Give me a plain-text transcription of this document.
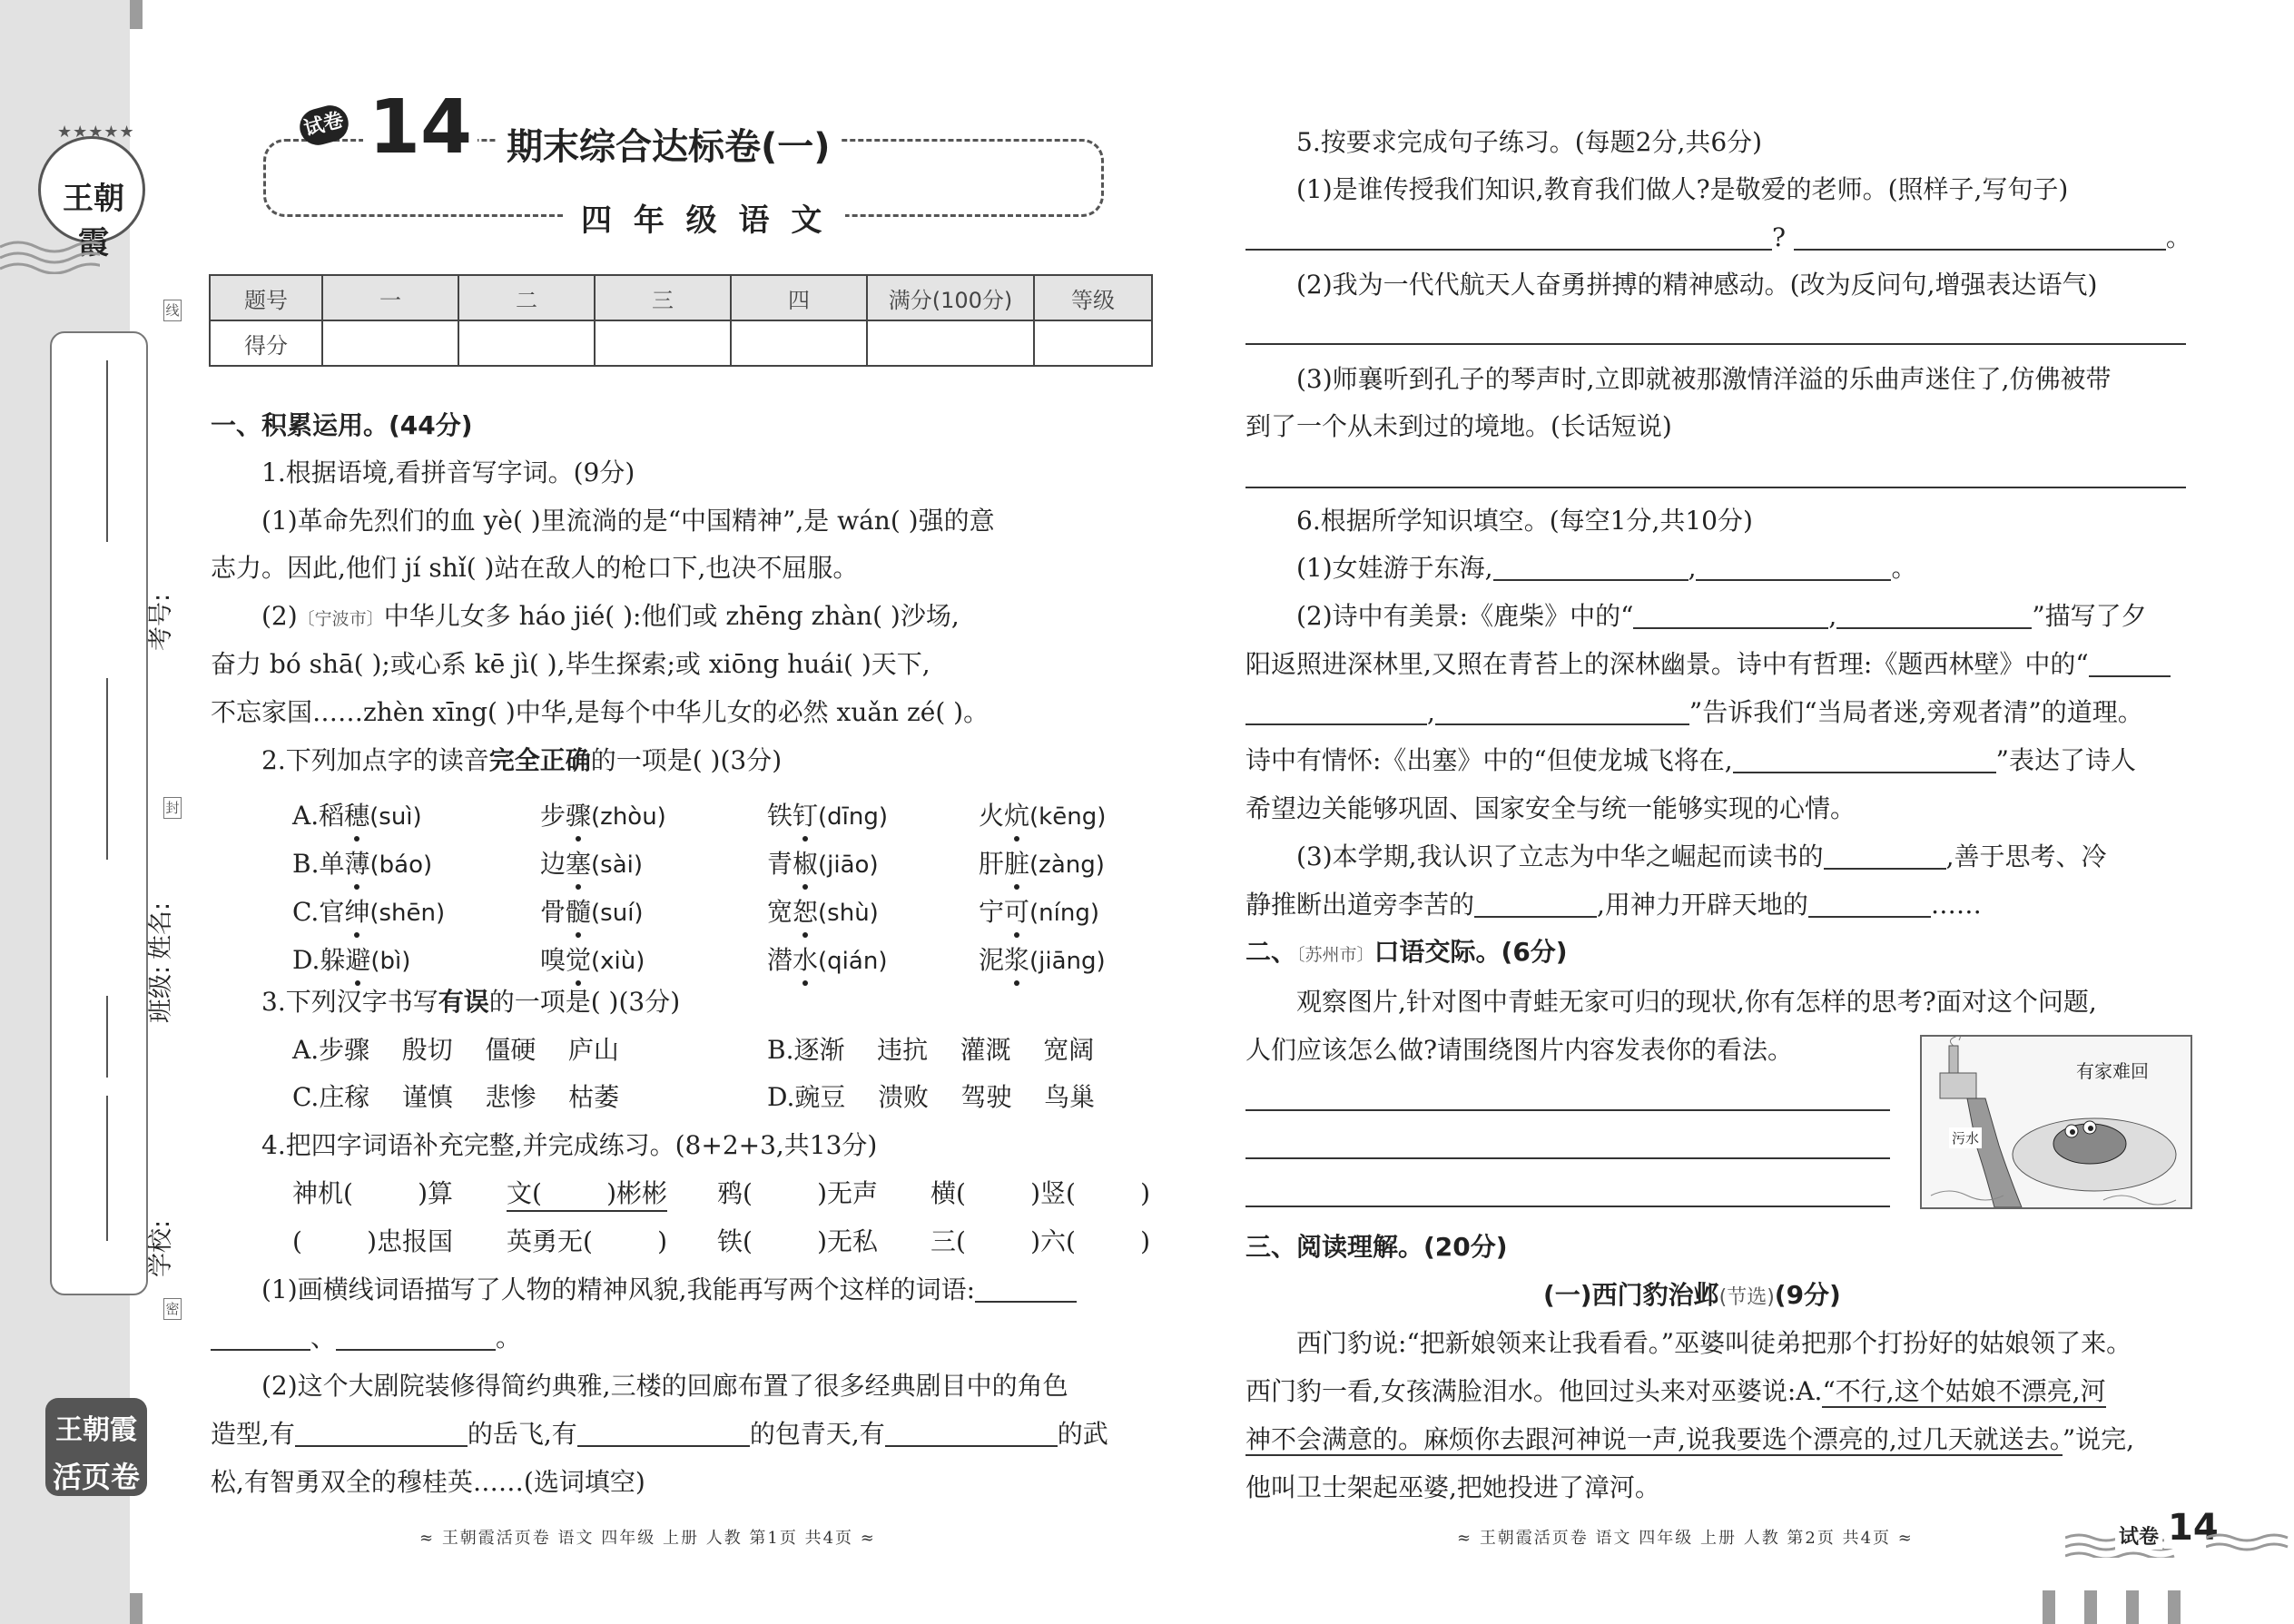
★★★★★
王朝霞
线
封
密
考号:
姓名:
班级:
学校:
王朝霞
活页卷
试卷 14 期末综合达标卷(一)
四 年 级 语 文
题号	一	二	三	四	满分(100分)	等级
得分						
一、积累运用。(44分)
1.根据语境,看拼音写字词。(9分)
(1)革命先烈们的血 yè( )里流淌的是“中国精神”,是 wán( )强的意
志力。因此,他们 jí shǐ( )站在敌人的枪口下,也决不屈服。
(2)〔宁波市〕中华儿女多 háo jié( ):他们或 zhēng zhàn( )沙场,
奋力 bó shā( );或心系 kē jì( ),毕生探索;或 xiōng huái( )天下,
不忘家国……zhèn xīng( )中华,是每个中华儿女的必然 xuǎn zé( )。
2.下列加点字的读音完全正确的一项是( )(3分)
A.稻穗(suì)	步骤(zhòu)	铁钉(dīng)	火炕(kēng)
B.单薄(báo)	边塞(sài)	青椒(jiāo)	肝脏(zàng)
C.官绅(shēn)	骨髓(suí)	宽恕(shù)	宁可(níng)
D.躲避(bì)	嗅觉(xiù)	潜水(qián)	泥浆(jiāng)
3.下列汉字书写有误的一项是( )(3分)
A.步骤    殷切    僵硬    庐山	B.逐渐    违抗    灌溉    宽阔
C.庄稼    谨慎    悲惨    枯萎	D.豌豆    溃败    驾驶    鸟巢
4.把四字词语补充完整,并完成练习。(8+2+3,共13分)
神机(        )算 文(        )彬彬 鸦(        )无声 横(        )竖(        )
(        )忠报国 英勇无(        ) 铁(        )无私 三(        )六(        )
(1)画横线词语描写了人物的精神风貌,我能再写两个这样的词语:
、	。
(2)这个大剧院装修得简约典雅,三楼的回廊布置了很多经典剧目中的角色
造型,有	的岳飞,有	的包青天,有	的武
松,有智勇双全的穆桂英……(选词填空)
≈ 王朝霞活页卷 语文 四年级 上册 人教 第1页 共4页 ≈
5.按要求完成句子练习。(每题2分,共6分)
(1)是谁传授我们知识,教育我们做人?是敬爱的老师。(照样子,写句子)
?	。
(2)我为一代代航天人奋勇拼搏的精神感动。(改为反问句,增强表达语气)
(3)师襄听到孔子的琴声时,立即就被那激情洋溢的乐曲声迷住了,仿佛被带
到了一个从未到过的境地。(长话短说)
6.根据所学知识填空。(每空1分,共10分)
(1)女娃游于东海,	,	。
(2)诗中有美景:《鹿柴》中的“	,	”描写了夕
阳返照进深林里,又照在青苔上的深林幽景。诗中有哲理:《题西林壁》中的“
,	”告诉我们“当局者迷,旁观者清”的道理。
诗中有情怀:《出塞》中的“但使龙城飞将在,	”表达了诗人
希望边关能够巩固、国家安全与统一能够实现的心情。
(3)本学期,我认识了立志为中华之崛起而读书的	,善于思考、冷
静推断出道旁李苦的	,用神力开辟天地的	……
二、〔苏州市〕口语交际。(6分)
观察图片,针对图中青蛙无家可归的现状,你有怎样的思考?面对这个问题,
人们应该怎么做?请围绕图片内容发表你的看法。
有家难回
污水
三、阅读理解。(20分)
(一)西门豹治邺(节选)(9分)
西门豹说:“把新娘领来让我看看。”巫婆叫徒弟把那个打扮好的姑娘领了来。
西门豹一看,女孩满脸泪水。他回过头来对巫婆说:A.“不行,这个姑娘不漂亮,河
神不会满意的。麻烦你去跟河神说一声,说我要选个漂亮的,过几天就送去。”说完,
他叫卫士架起巫婆,把她投进了漳河。
≈ 王朝霞活页卷 语文 四年级 上册 人教 第2页 共4页 ≈	试卷 14
